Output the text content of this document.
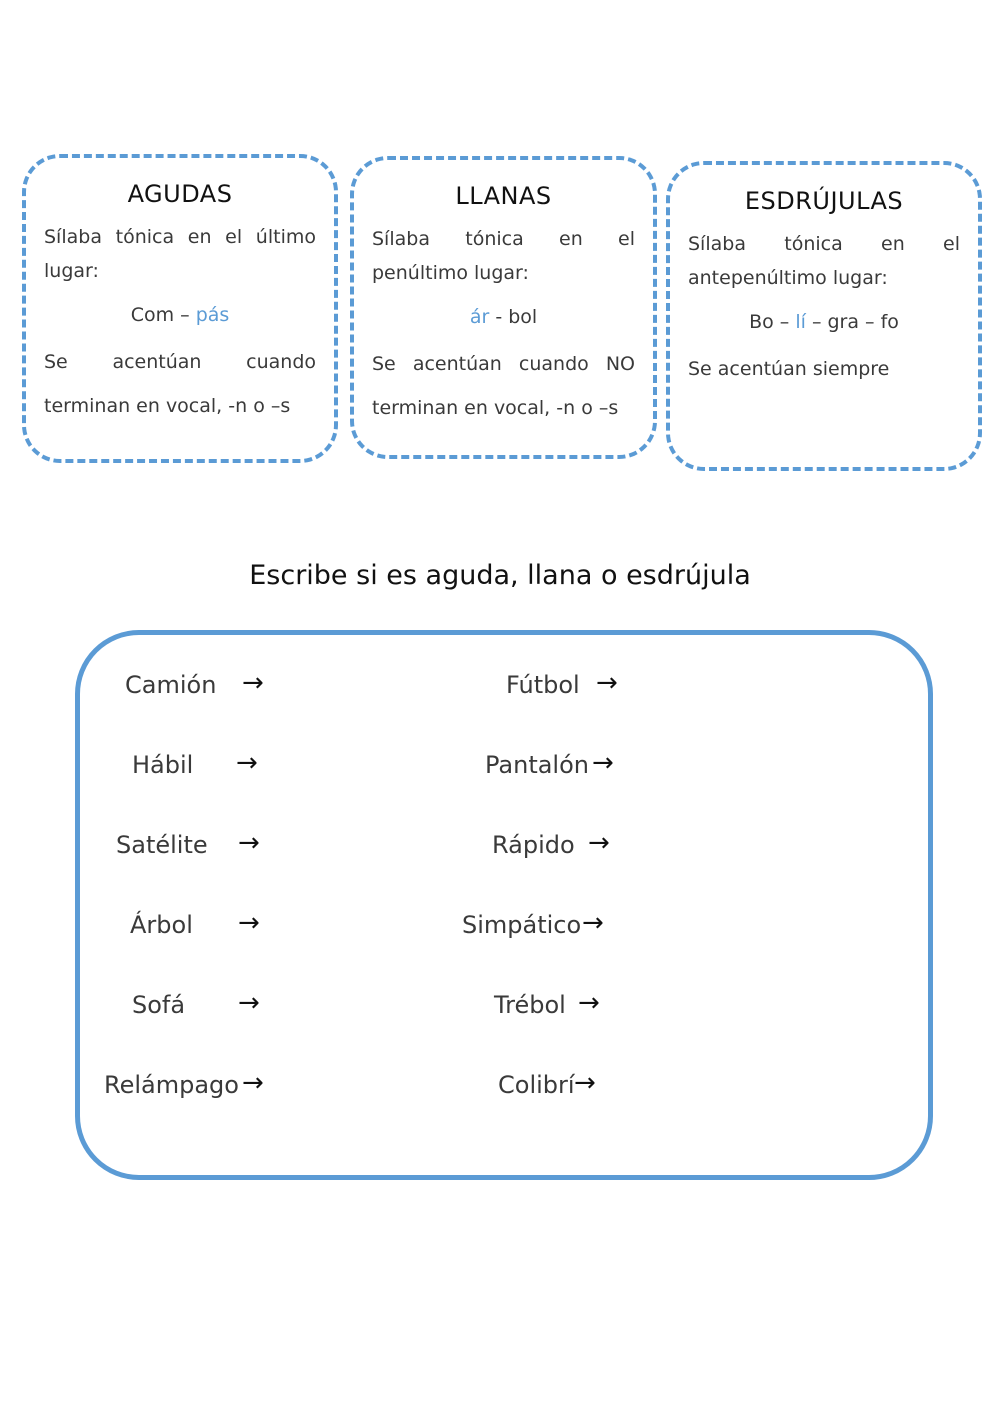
AGUDAS

Sílaba tónica en el último

lugar:

Com – pás

Se acentúan cuando

terminan en vocal, -n o –s

LLANAS

Sílaba tónica en el

penúltimo lugar:

ár - bol

Se acentúan cuando NO

terminan en vocal, -n o –s

ESDRÚJULAS

Sílaba tónica en el

antepenúltimo lugar:

Bo – lí – gra – fo

Se acentúan siempre

Escribe si es aguda, llana o esdrújula

Camión →
Hábil →
Satélite →
Árbol →
Sofá →
Relámpago →
Fútbol →
Pantalón →
Rápido →
Simpático →
Trébol →
Colibrí →
